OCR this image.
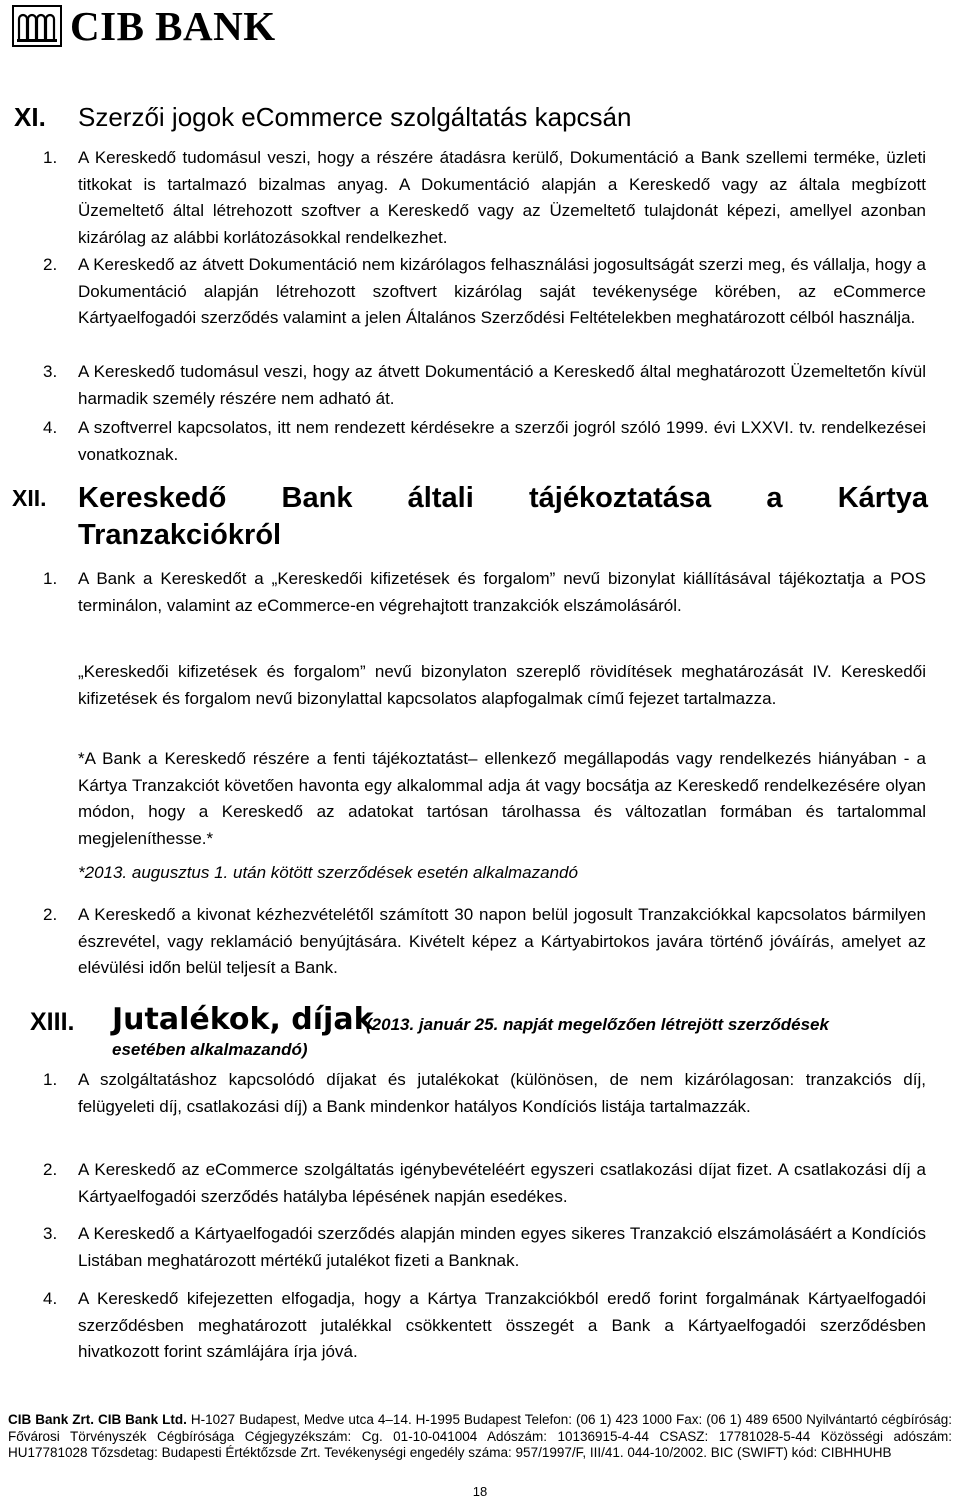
CIB BANK
XI. Szerzői jogok eCommerce szolgáltatás kapcsán
1. A Kereskedő tudomásul veszi, hogy a részére átadásra kerülő, Dokumentáció a Bank szellemi terméke, üzleti titkokat is tartalmazó bizalmas anyag. A Dokumentáció alapján a Kereskedő vagy az általa megbízott Üzemeltető által létrehozott szoftver a Kereskedő vagy az Üzemeltető tulajdonát képezi, amellyel azonban kizárólag az alábbi korlátozásokkal rendelkezhet.
2. A Kereskedő az átvett Dokumentáció nem kizárólagos felhasználási jogosultságát szerzi meg, és vállalja, hogy a Dokumentáció alapján létrehozott szoftvert kizárólag saját tevékenysége körében, az eCommerce Kártyaelfogadói szerződés valamint a jelen Általános Szerződési Feltételekben meghatározott célból használja.
3. A Kereskedő tudomásul veszi, hogy az átvett Dokumentáció a Kereskedő által meghatározott Üzemeltetőn kívül harmadik személy részére nem adható át.
4. A szoftverrel kapcsolatos, itt nem rendezett kérdésekre a szerzői jogról szóló 1999. évi LXXVI. tv. rendelkezései vonatkoznak.
XII. Kereskedő Bank általi tájékoztatása a Kártya Tranzakciókról
1. A Bank a Kereskedőt a „Kereskedői kifizetések és forgalom” nevű bizonylat kiállításával tájékoztatja a POS terminálon, valamint az eCommerce-en végrehajtott tranzakciók elszámolásáról.
„Kereskedői kifizetések és forgalom” nevű bizonylaton szereplő rövidítések meghatározását IV. Kereskedői kifizetések és forgalom nevű bizonylattal kapcsolatos alapfogalmak című fejezet tartalmazza.
*A Bank a Kereskedő részére a fenti tájékoztatást– ellenkező megállapodás vagy rendelkezés hiányában - a Kártya Tranzakciót követően havonta egy alkalommal adja át vagy bocsátja az Kereskedő rendelkezésére olyan módon, hogy a Kereskedő az adatokat tartósan tárolhassa és változatlan formában és tartalommal megjeleníthesse.*
*2013. augusztus 1. után kötött szerződések esetén alkalmazandó
2. A Kereskedő a kivonat kézhezvételétől számított 30 napon belül jogosult Tranzakciókkal kapcsolatos bármilyen észrevétel, vagy reklamáció benyújtására. Kivételt képez a Kártyabirtokos javára történő jóváírás, amelyet az elévülési időn belül teljesít a Bank.
XIII. Jutalékok, díjak
(2013. január 25. napját megelőzően létrejött szerződések
esetében alkalmazandó)
1. A szolgáltatáshoz kapcsolódó díjakat és jutalékokat (különösen, de nem kizárólagosan: tranzakciós díj, felügyeleti díj, csatlakozási díj) a Bank mindenkor hatályos Kondíciós listája tartalmazzák.
2. A Kereskedő az eCommerce szolgáltatás igénybevételéért egyszeri csatlakozási díjat fizet. A csatlakozási díj a Kártyaelfogadói szerződés hatályba lépésének napján esedékes.
3. A Kereskedő a Kártyaelfogadói szerződés alapján minden egyes sikeres Tranzakció elszámolásáért a Kondíciós Listában meghatározott mértékű jutalékot fizeti a Banknak.
4. A Kereskedő kifejezetten elfogadja, hogy a Kártya Tranzakciókból eredő forint forgalmának Kártyaelfogadói szerződésben meghatározott jutalékkal csökkentett összegét a Bank a Kártyaelfogadói szerződésben hivatkozott forint számlájára írja jóvá.
CIB Bank Zrt. CIB Bank Ltd. H-1027 Budapest, Medve utca 4–14. H-1995 Budapest Telefon: (06 1) 423 1000 Fax: (06 1) 489 6500 Nyilvántartó cégbíróság: Fővárosi Törvényszék Cégbírósága Cégjegyzékszám: Cg. 01-10-041004 Adószám: 10136915-4-44 CSASZ: 17781028-5-44 Közösségi adószám: HU17781028 Tőzsdetag: Budapesti Értéktőzsde Zrt. Tevékenységi engedély száma: 957/1997/F, III/41. 044-10/2002. BIC (SWIFT) kód: CIBHHUHB
18
